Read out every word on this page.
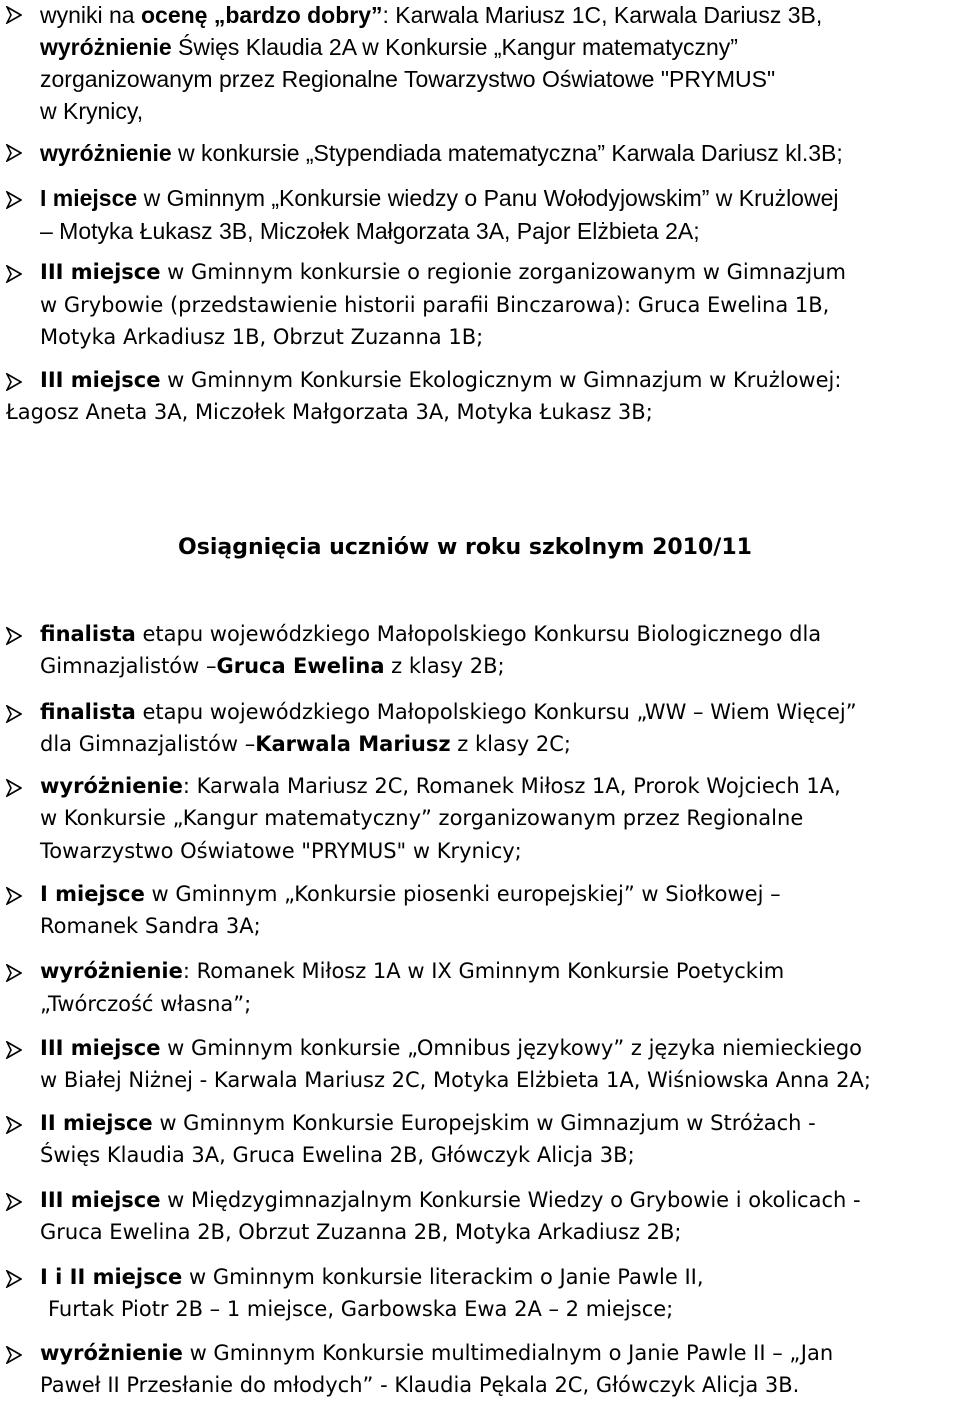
wyniki na ocenę „bardzo dobry”: Karwala Mariusz 1C, Karwala Dariusz 3B,
wyróżnienie Święs Klaudia 2A w Konkursie „Kangur matematyczny”
zorganizowanym przez Regionalne Towarzystwo Oświatowe "PRYMUS"
w Krynicy,
wyróżnienie w konkursie „Stypendiada matematyczna” Karwala Dariusz kl.3B;
I miejsce w Gminnym „Konkursie wiedzy o Panu Wołodyjowskim” w Krużlowej
– Motyka Łukasz 3B, Miczołek Małgorzata 3A, Pajor Elżbieta 2A;
III miejsce w Gminnym konkursie o regionie zorganizowanym w Gimnazjum
w Grybowie (przedstawienie historii parafii Binczarowa): Gruca Ewelina 1B,
Motyka Arkadiusz 1B, Obrzut Zuzanna 1B;
III miejsce w Gminnym Konkursie Ekologicznym w Gimnazjum w Krużlowej:
Łagosz Aneta 3A, Miczołek Małgorzata 3A, Motyka Łukasz 3B;
Osiągnięcia uczniów w roku szkolnym 2010/11
finalista etapu wojewódzkiego Małopolskiego Konkursu Biologicznego dla
Gimnazjalistów –Gruca Ewelina z klasy 2B;
finalista etapu wojewódzkiego Małopolskiego Konkursu „WW – Wiem Więcej”
dla Gimnazjalistów –Karwala Mariusz z klasy 2C;
wyróżnienie: Karwala Mariusz 2C, Romanek Miłosz 1A, Prorok Wojciech 1A,
w Konkursie „Kangur matematyczny” zorganizowanym przez Regionalne
Towarzystwo Oświatowe "PRYMUS" w Krynicy;
I miejsce w Gminnym „Konkursie piosenki europejskiej” w Siołkowej –
Romanek Sandra 3A;
wyróżnienie: Romanek Miłosz 1A w IX Gminnym Konkursie Poetyckim
„Twórczość własna”;
III miejsce w Gminnym konkursie „Omnibus językowy” z języka niemieckiego
w Białej Niżnej - Karwala Mariusz 2C, Motyka Elżbieta 1A, Wiśniowska Anna 2A;
II miejsce w Gminnym Konkursie Europejskim w Gimnazjum w Stróżach -
Święs Klaudia 3A, Gruca Ewelina 2B, Główczyk Alicja 3B;
III miejsce w Międzygimnazjalnym Konkursie Wiedzy o Grybowie i okolicach -
Gruca Ewelina 2B, Obrzut Zuzanna 2B, Motyka Arkadiusz 2B;
I i II miejsce w Gminnym konkursie literackim o Janie Pawle II,
Furtak Piotr 2B – 1 miejsce, Garbowska Ewa 2A – 2 miejsce;
wyróżnienie w Gminnym Konkursie multimedialnym o Janie Pawle II – „Jan
Paweł II Przesłanie do młodych” - Klaudia Pękala 2C, Główczyk Alicja 3B.
